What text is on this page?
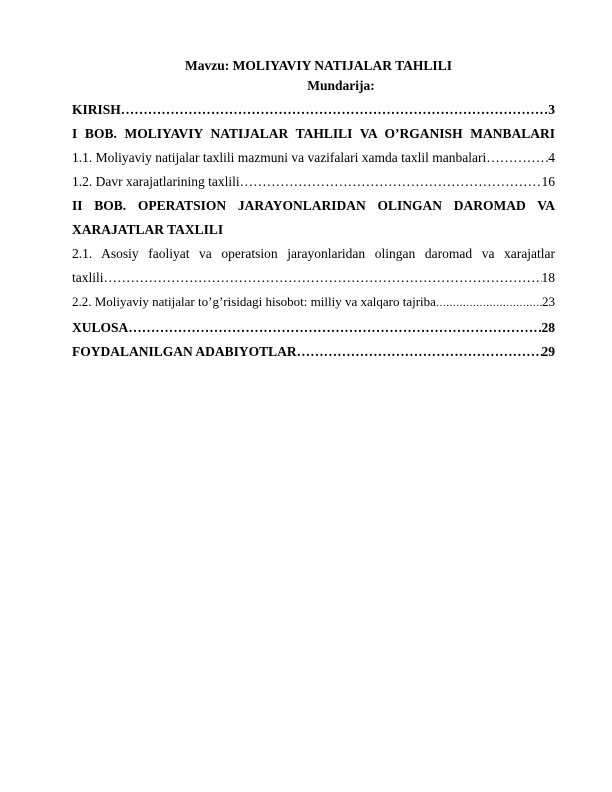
Mavzu: MOLIYAVIY NATIJALAR TAHLILI

Mundarija:

KIRISH ……………………………………………………………………………………………………………………………………………………………………………………	3
I BOB. MOLIYAVIY NATIJALAR TAHLILI VA O’RGANISH MANBALARI
1.1. Moliyaviy natijalar taxlili mazmuni va vazifalari xamda taxlil manbalari ……………………………………………………………………………………………………………………………………………………………………………………	4
1.2. Davr xarajatlarining taxlili ……………………………………………………………………………………………………………………………………………………………………………………	16
II BOB. OPERATSION JARAYONLARIDAN OLINGAN DAROMAD VA
XARAJATLAR TAXLILI
2.1. Asosiy faoliyat va operatsion jarayonlaridan olingan daromad va xarajatlar
taxlili ……………………………………………………………………………………………………………………………………………………………………………………	18
2.2. Moliyaviy natijalar to’g’risidagi hisobot: milliy va xalqaro tajriba ……………………………………………………………………………………………………………………………………………………………………………………	23
XULOSA ……………………………………………………………………………………………………………………………………………………………………………………	28
FOYDALANILGAN ADABIYOTLAR ……………………………………………………………………………………………………………………………………………………………………………………	29
